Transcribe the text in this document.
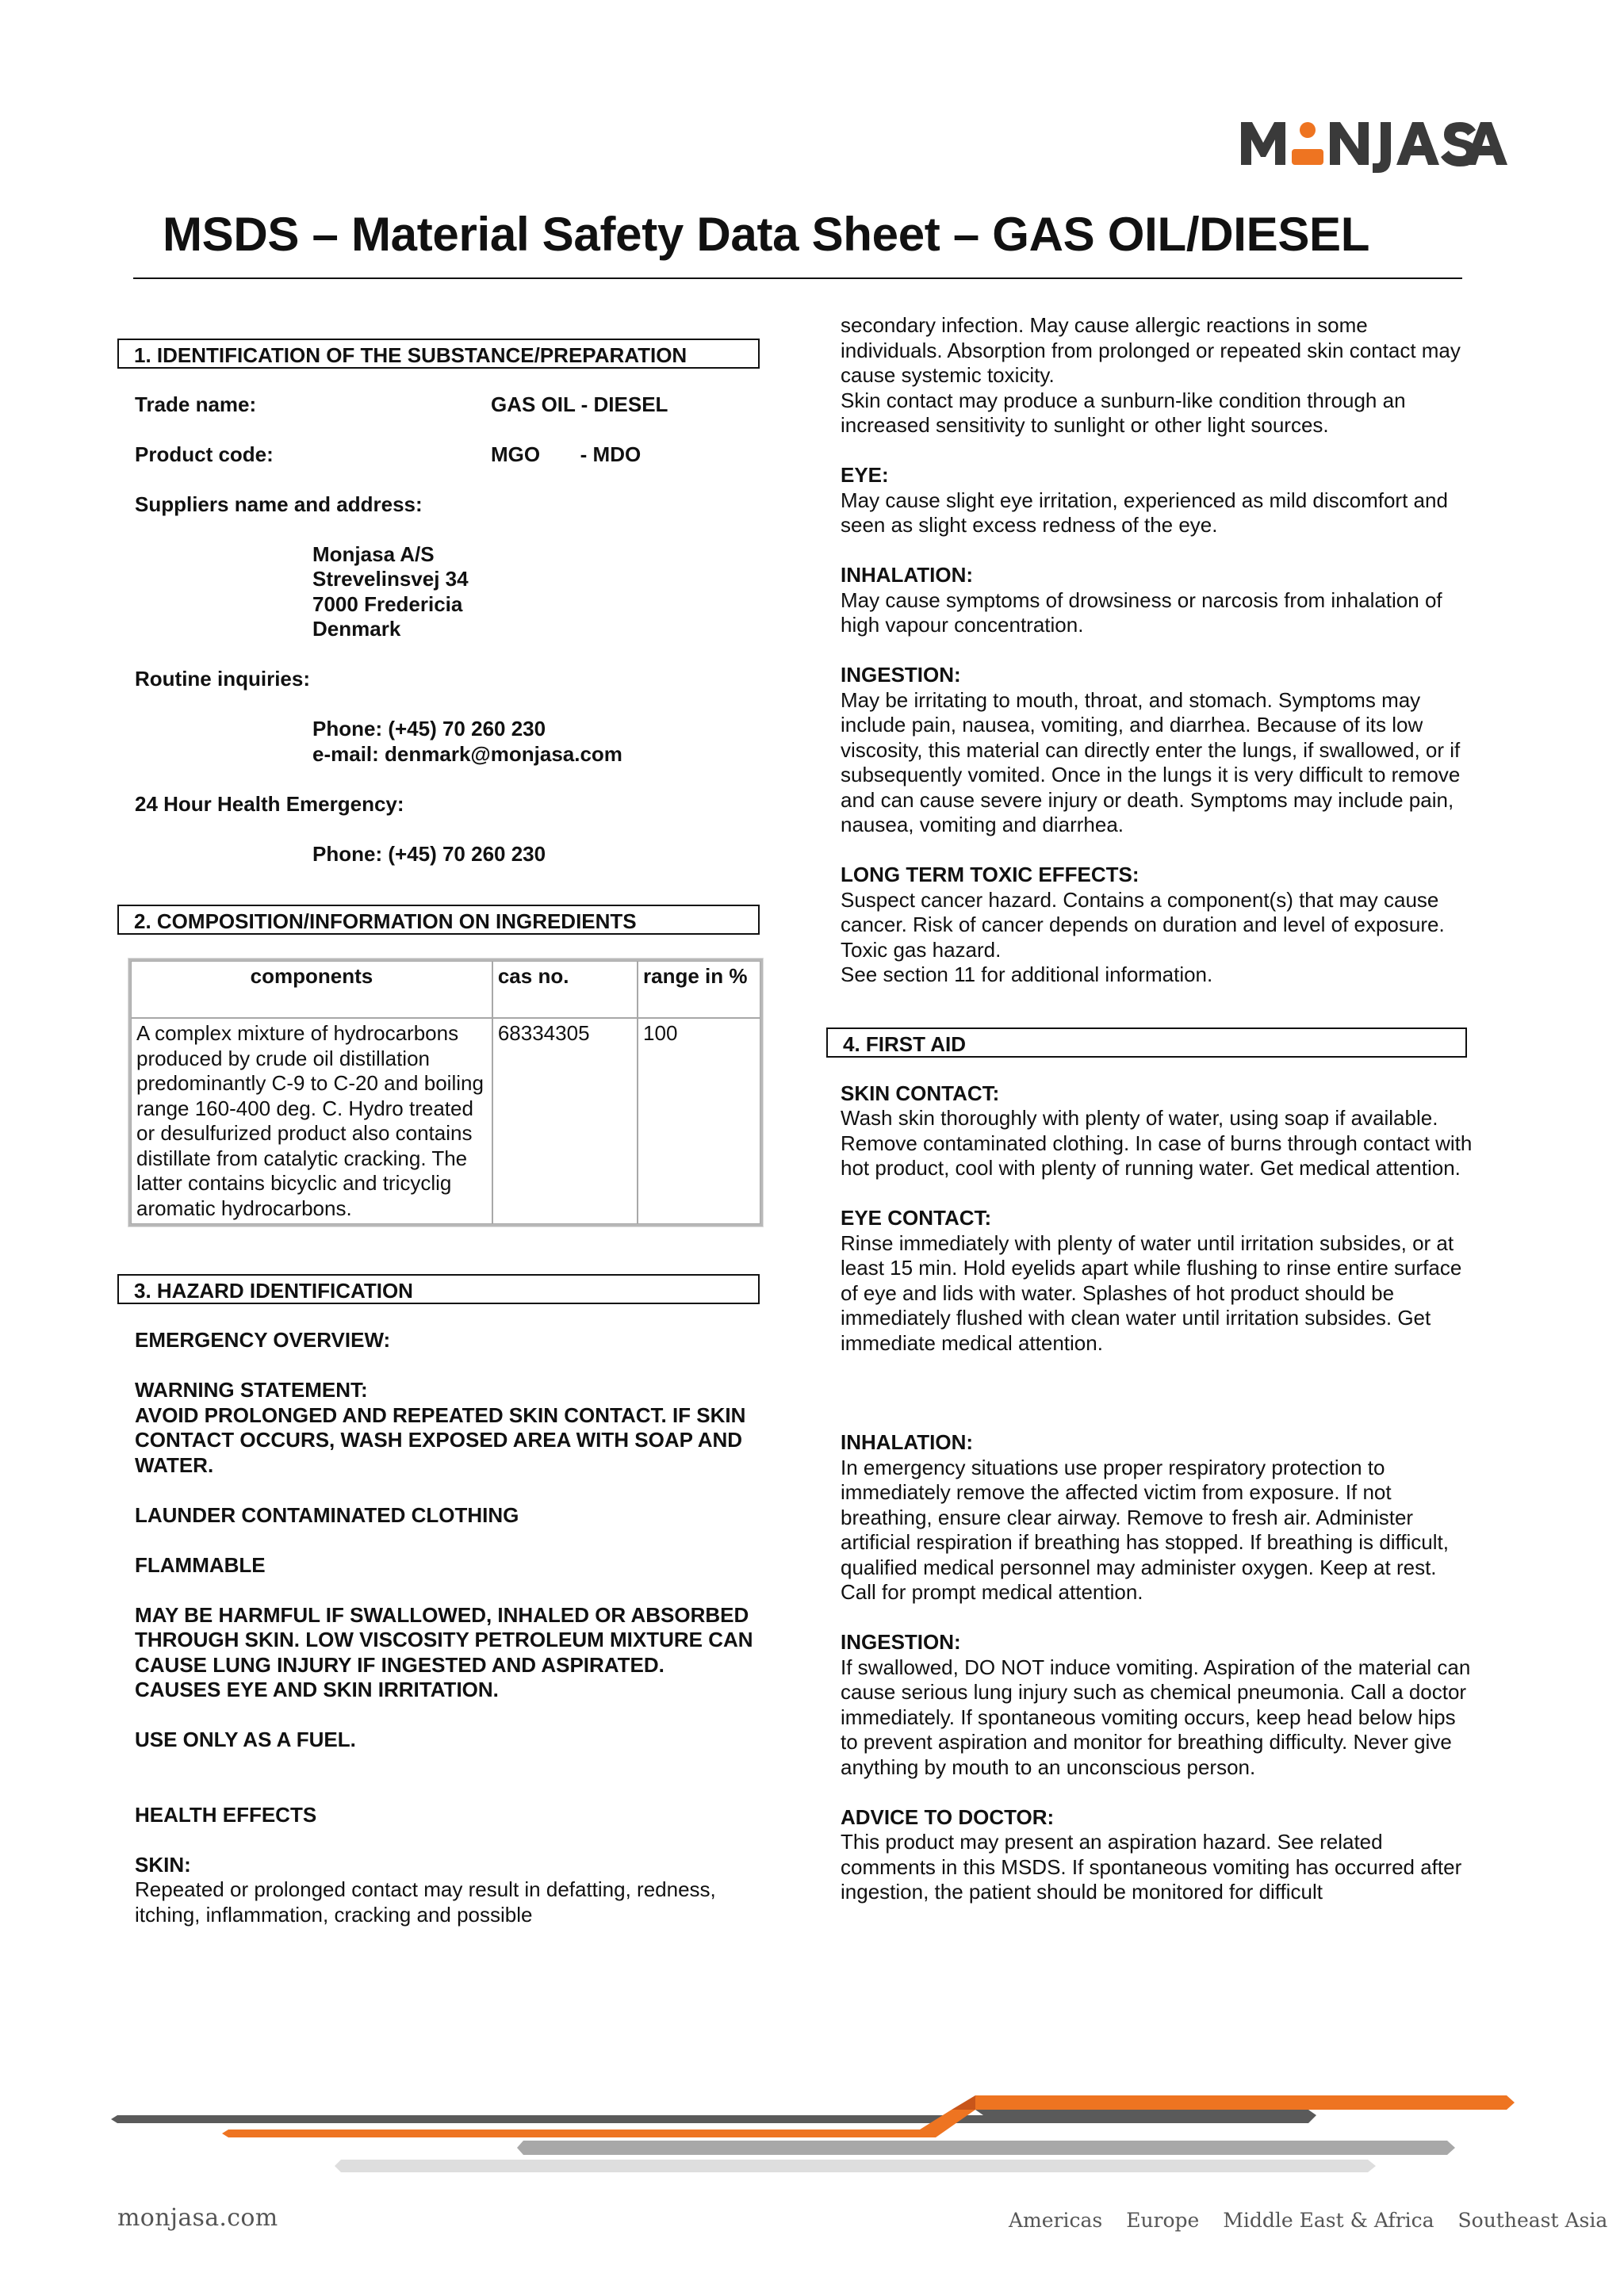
MSDS – Material Safety Data Sheet – GAS OIL/DIESEL
1. IDENTIFICATION OF THE SUBSTANCE/PREPARATION
Trade name:	GAS OIL - DIESEL
Product code:	MGO       - MDO

Suppliers name and address:

Monjasa A/S

Strevelinsvej 34

7000 Fredericia

Denmark

Routine inquiries:

Phone: (+45) 70 260 230

e-mail: denmark@monjasa.com

24 Hour Health Emergency:

Phone: (+45) 70 260 230

2. COMPOSITION/INFORMATION ON INGREDIENTS
components	cas no.	range in %
A complex mixture of hydrocarbons produced by crude oil distillation predominantly C-9 to C-20 and boiling range 160-400 deg. C. Hydro treated or desulfurized product also contains distillate from catalytic cracking. The latter contains bicyclic and tricyclig aromatic hydrocarbons.	68334305	100
3. HAZARD IDENTIFICATION

EMERGENCY OVERVIEW:

WARNING STATEMENT:

AVOID PROLONGED AND REPEATED SKIN CONTACT. IF SKIN CONTACT OCCURS, WASH EXPOSED AREA WITH SOAP AND WATER.

LAUNDER CONTAMINATED CLOTHING

FLAMMABLE

MAY BE HARMFUL IF SWALLOWED, INHALED OR ABSORBED THROUGH SKIN. LOW VISCOSITY PETROLEUM MIXTURE CAN CAUSE LUNG INJURY IF INGESTED AND ASPIRATED.

CAUSES EYE AND SKIN IRRITATION.

USE ONLY AS A FUEL.

HEALTH EFFECTS

SKIN:

Repeated or prolonged contact may result in defatting, redness, itching, inflammation, cracking and possible

secondary infection. May cause allergic reactions in some individuals. Absorption from prolonged or repeated skin contact may cause systemic toxicity.

Skin contact may produce a sunburn-like condition through an increased sensitivity to sunlight or other light sources.

EYE:

May cause slight eye irritation, experienced as mild discomfort and seen as slight excess redness of the eye.

INHALATION:

May cause symptoms of drowsiness or narcosis from inhalation of high vapour concentration.

INGESTION:

May be irritating to mouth, throat, and stomach. Symptoms may include pain, nausea, vomiting, and diarrhea. Because of its low viscosity, this material can directly enter the lungs, if swallowed, or if subsequently vomited. Once in the lungs it is very difficult to remove and can cause severe injury or death. Symptoms may include pain, nausea, vomiting and diarrhea.

LONG TERM TOXIC EFFECTS:

Suspect cancer hazard. Contains a component(s) that may cause cancer. Risk of cancer depends on duration and level of exposure.

Toxic gas hazard.

See section 11 for additional information.

4. FIRST AID

SKIN CONTACT:

Wash skin thoroughly with plenty of water, using soap if available. Remove contaminated clothing. In case of burns through contact with hot product, cool with plenty of running water. Get medical attention.

EYE CONTACT:

Rinse immediately with plenty of water until irritation subsides, or at least 15 min. Hold eyelids apart while flushing to rinse entire surface of eye and lids with water. Splashes of hot product should be immediately flushed with clean water until irritation subsides. Get immediate medical attention.

INHALATION:

In emergency situations use proper respiratory protection to immediately remove the affected victim from exposure. If not breathing, ensure clear airway. Remove to fresh air. Administer artificial respiration if breathing has stopped. If breathing is difficult, qualified medical personnel may administer oxygen. Keep at rest. Call for prompt medical attention.

INGESTION:

If swallowed, DO NOT induce vomiting. Aspiration of the material can cause serious lung injury such as chemical pneumonia. Call a doctor immediately. If spontaneous vomiting occurs, keep head below hips to prevent aspiration and monitor for breathing difficulty. Never give anything by mouth to an unconscious person.

ADVICE TO DOCTOR:

This product may present an aspiration hazard. See related comments in this MSDS. If spontaneous vomiting has occurred after ingestion, the patient should be monitored for difficult

monjasa.com	Americas Europe Middle East & Africa Southeast Asia
